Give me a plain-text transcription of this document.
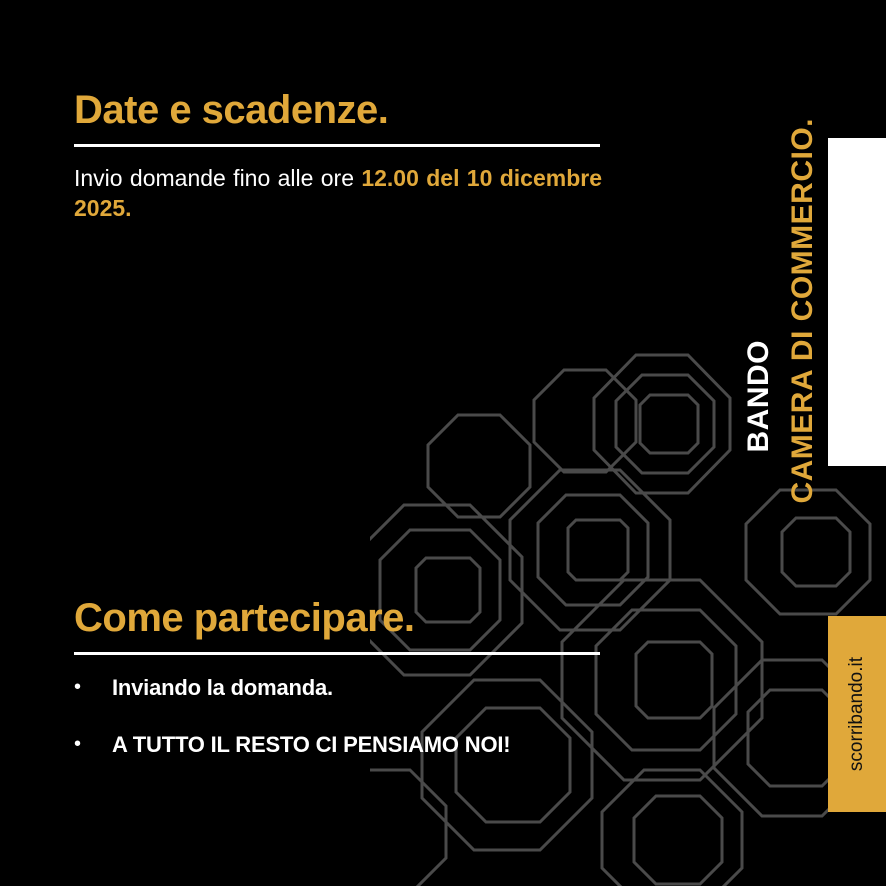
Date e scadenze.
Invio domande fino alle ore 12.00 del 10 dicembre 2025.
Come partecipare.
•	Inviando la domanda.
•	A TUTTO IL RESTO CI PENSIAMO NOI!
BANDO CAMERA DI COMMERCIO.
scorribando.it
